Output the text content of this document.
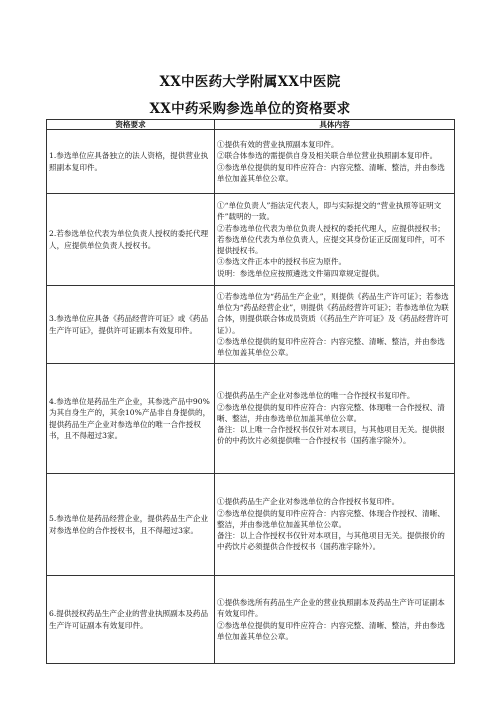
XX中医药大学附属XX中医院
XX中药采购参选单位的资格要求
资格要求	具体内容
1.参选单位应具备独立的法人资格，提供营业执照副本复印件。	①提供有效的营业执照副本复印件。
②联合体参选的需提供自身及相关联合单位营业执照副本复印件。
③参选单位提供的复印件应符合：内容完整、清晰、整洁，并由参选单位加盖其单位公章。

2.若参选单位代表为单位负责人授权的委托代理人，应提供单位负责人授权书。	①“单位负责人”指法定代表人，即与实际提交的“营业执照等证明文件”载明的一致。
②若参选单位代表为单位负责人授权的委托代理人，应提供授权书；若参选单位代表为单位负责人，应提交其身份证正反面复印件，可不提供授权书。
③参选文件正本中的授权书应为原件。
说明：参选单位应按照遴选文件第四章规定提供。

3.参选单位应具备《药品经营许可证》或《药品生产许可证》，提供许可证副本有效复印件。	①若参选单位为“药品生产企业”，则提供《药品生产许可证》；若参选单位为“药品经营企业”，则提供《药品经营许可证》；若参选单位为联合体，则提供联合体成员资质（《药品生产许可证》及《药品经营许可证》）。
②参选单位提供的复印件应符合：内容完整、清晰、整洁，并由参选单位加盖其单位公章。

4.参选单位是药品生产企业，其参选产品中90%为其自身生产的，其余10%产品非自身提供的，提供药品生产企业对参选单位的唯一合作授权书，且不得超过3家。	①提供药品生产企业对参选单位的唯一合作授权书复印件。
②参选单位提供的复印件应符合：内容完整、体现唯一合作授权、清晰、整洁，并由参选单位加盖其单位公章。
备注：以上唯一合作授权书仅针对本项目，与其他项目无关。提供报价的中药饮片必须提供唯一合作授权书（国药准字除外）。

5.参选单位是药品经营企业，提供药品生产企业对参选单位的合作授权书，且不得超过3家。	①提供药品生产企业对参选单位的合作授权书复印件。
②参选单位提供的复印件应符合：内容完整、体现合作授权、清晰、整洁，并由参选单位加盖其单位公章。
备注：以上合作授权书仅针对本项目，与其他项目无关。提供报价的中药饮片必须提供合作授权书（国药准字除外）。

6.提供授权药品生产企业的营业执照副本及药品生产许可证副本有效复印件。	①提供参选所有药品生产企业的营业执照副本及药品生产许可证副本有效复印件。
②参选单位提供的复印件应符合：内容完整、清晰、整洁，并由参选单位加盖其单位公章。
